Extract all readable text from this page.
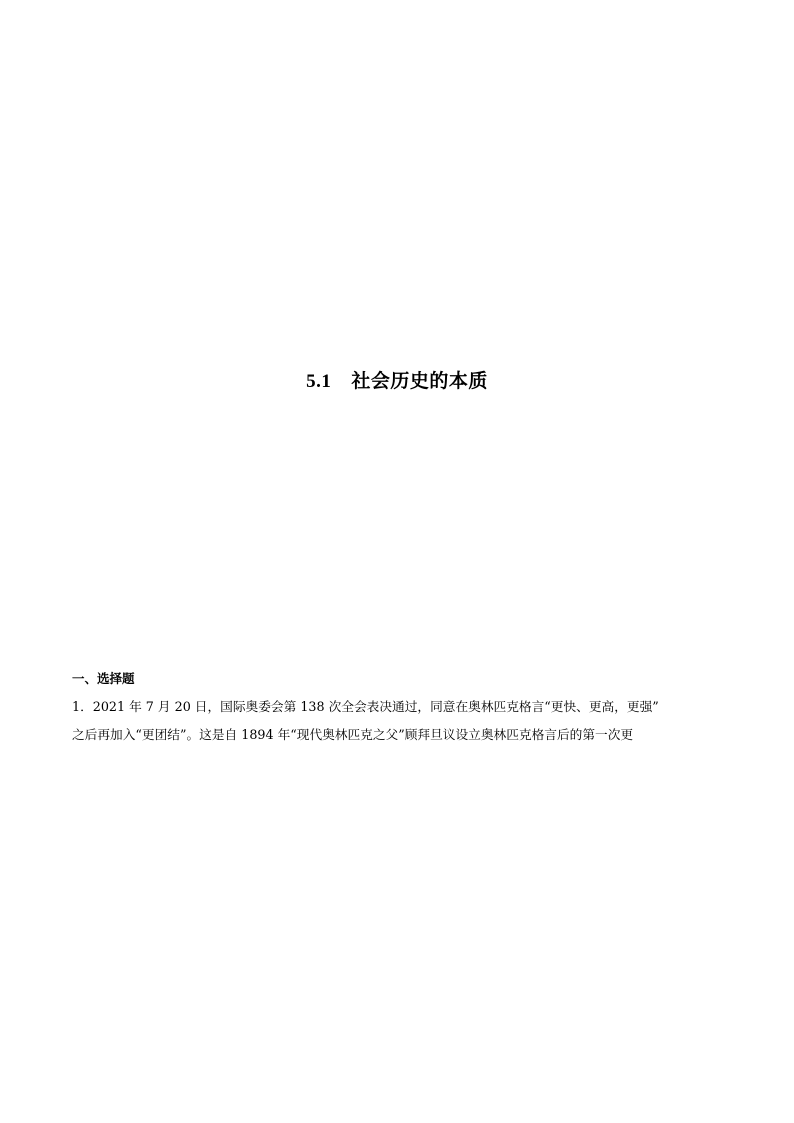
5.1 社会历史的本质
一、选择题
1．2021 年 7 月 20 日，国际奥委会第 138 次全会表决通过，同意在奥林匹克格言“更快、更高，更强”
之后再加入“更团结”。这是自 1894 年“现代奥林匹克之父”顾拜旦议设立奥林匹克格言后的第一次更
